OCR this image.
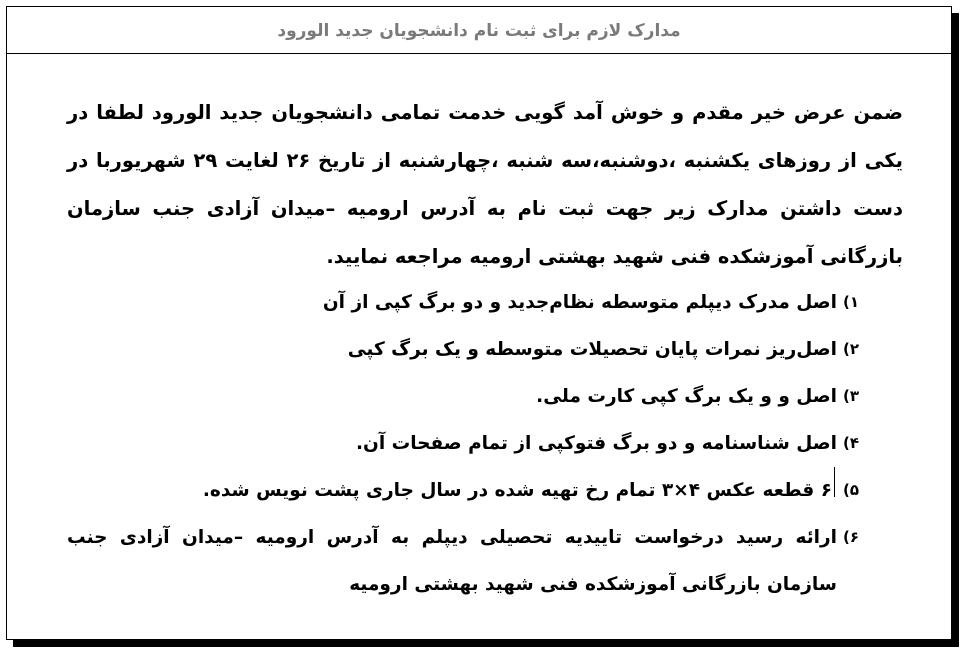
مدارک لازم برای ثبت نام دانشجویان جدید الورود

ضمن عرض خیر مقدم و خوش آمد گویی خدمت تمامی دانشجویان جدید الورود لطفا در یکی از روزهای یکشنبه ،دوشنبه،سه شنبه ،چهارشنبه از تاریخ ۲۶ لغایت ۲۹ شهریوربا در دست داشتن مدارک زیر جهت ثبت نام به آدرس ارومیه –میدان آزادی جنب سازمان بازرگانی آموزشکده فنی شهید بهشتی ارومیه مراجعه نمایید.

۱)
اصل مدرک دیپلم متوسطه نظام‌جدید و دو برگ کپی از آن
۲)
اصل‌ریز نمرات پایان تحصیلات متوسطه و یک برگ کپی
۳)
اصل و و یک برگ کپی کارت ملی.
۴)
اصل شناسنامه و دو برگ فتوکپی از تمام صفحات آن.
۵)
۶ قطعه عکس ۴×۳ تمام رخ تهیه شده در سال جاری پشت نویس شده.
۶)
ارائه رسید درخواست تاییدیه تحصیلی دیپلم به آدرس ارومیه –میدان آزادی جنب سازمان بازرگانی آموزشکده فنی شهید بهشتی ارومیه
